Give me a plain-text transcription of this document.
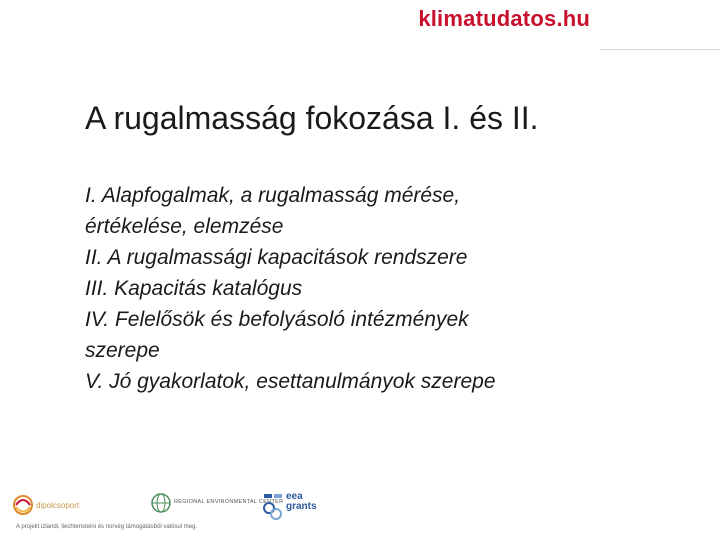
klimatudatos.hu
A rugalmasság fokozása I. és II.
I. Alapfogalmak, a rugalmasság mérése,
értékelése, elemzése
II. A rugalmassági kapacitások rendszere
III. Kapacitás katalógus
IV. Felelősök és befolyásoló intézmények
szerepe
V. Jó gyakorlatok, esettanulmányok szerepe
dipolcsoport	REGIONAL ENVIRONMENTAL CENTER eea
grants
A projekt izlandi, liechtensteini és norvég támogatásból valósul meg.
